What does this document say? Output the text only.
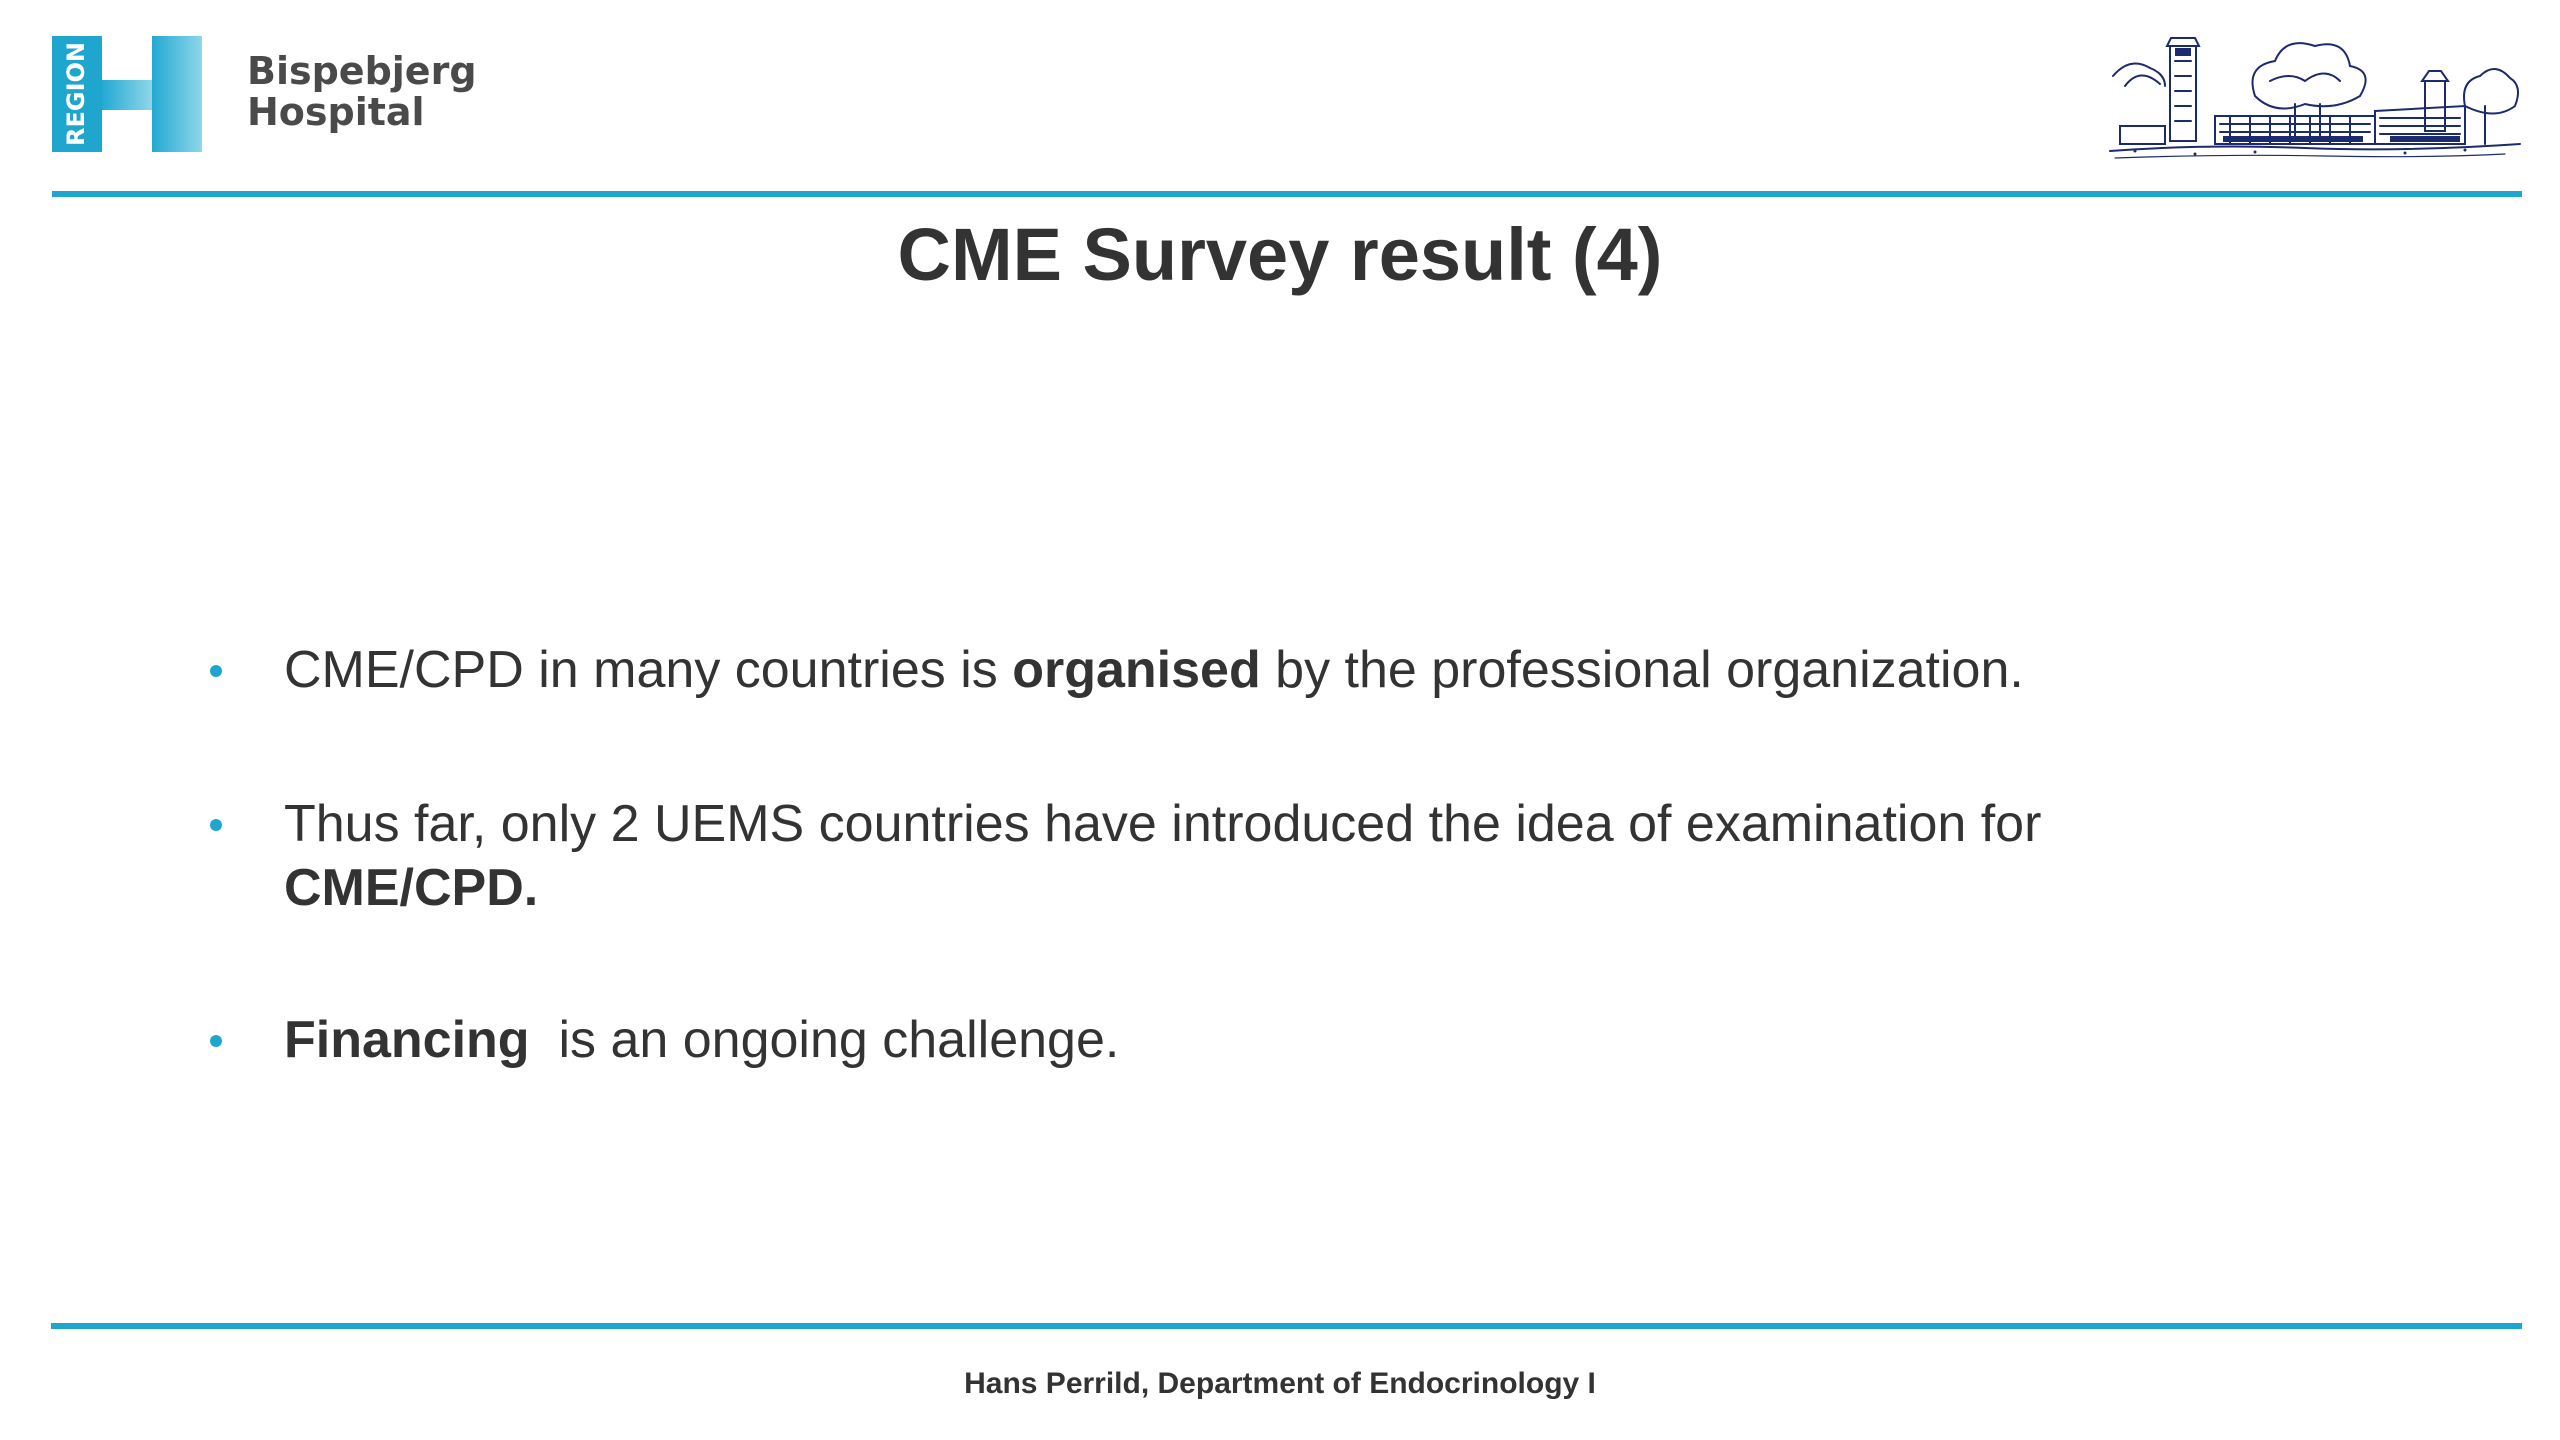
REGION	Bispebjerg
Hospital
CME Survey result (4)
CME/CPD in many countries is organised by the professional organization.
Thus far, only 2 UEMS countries have introduced the idea of examination for
CME/CPD.
Financing  is an ongoing challenge.
Hans Perrild, Department of Endocrinology I
